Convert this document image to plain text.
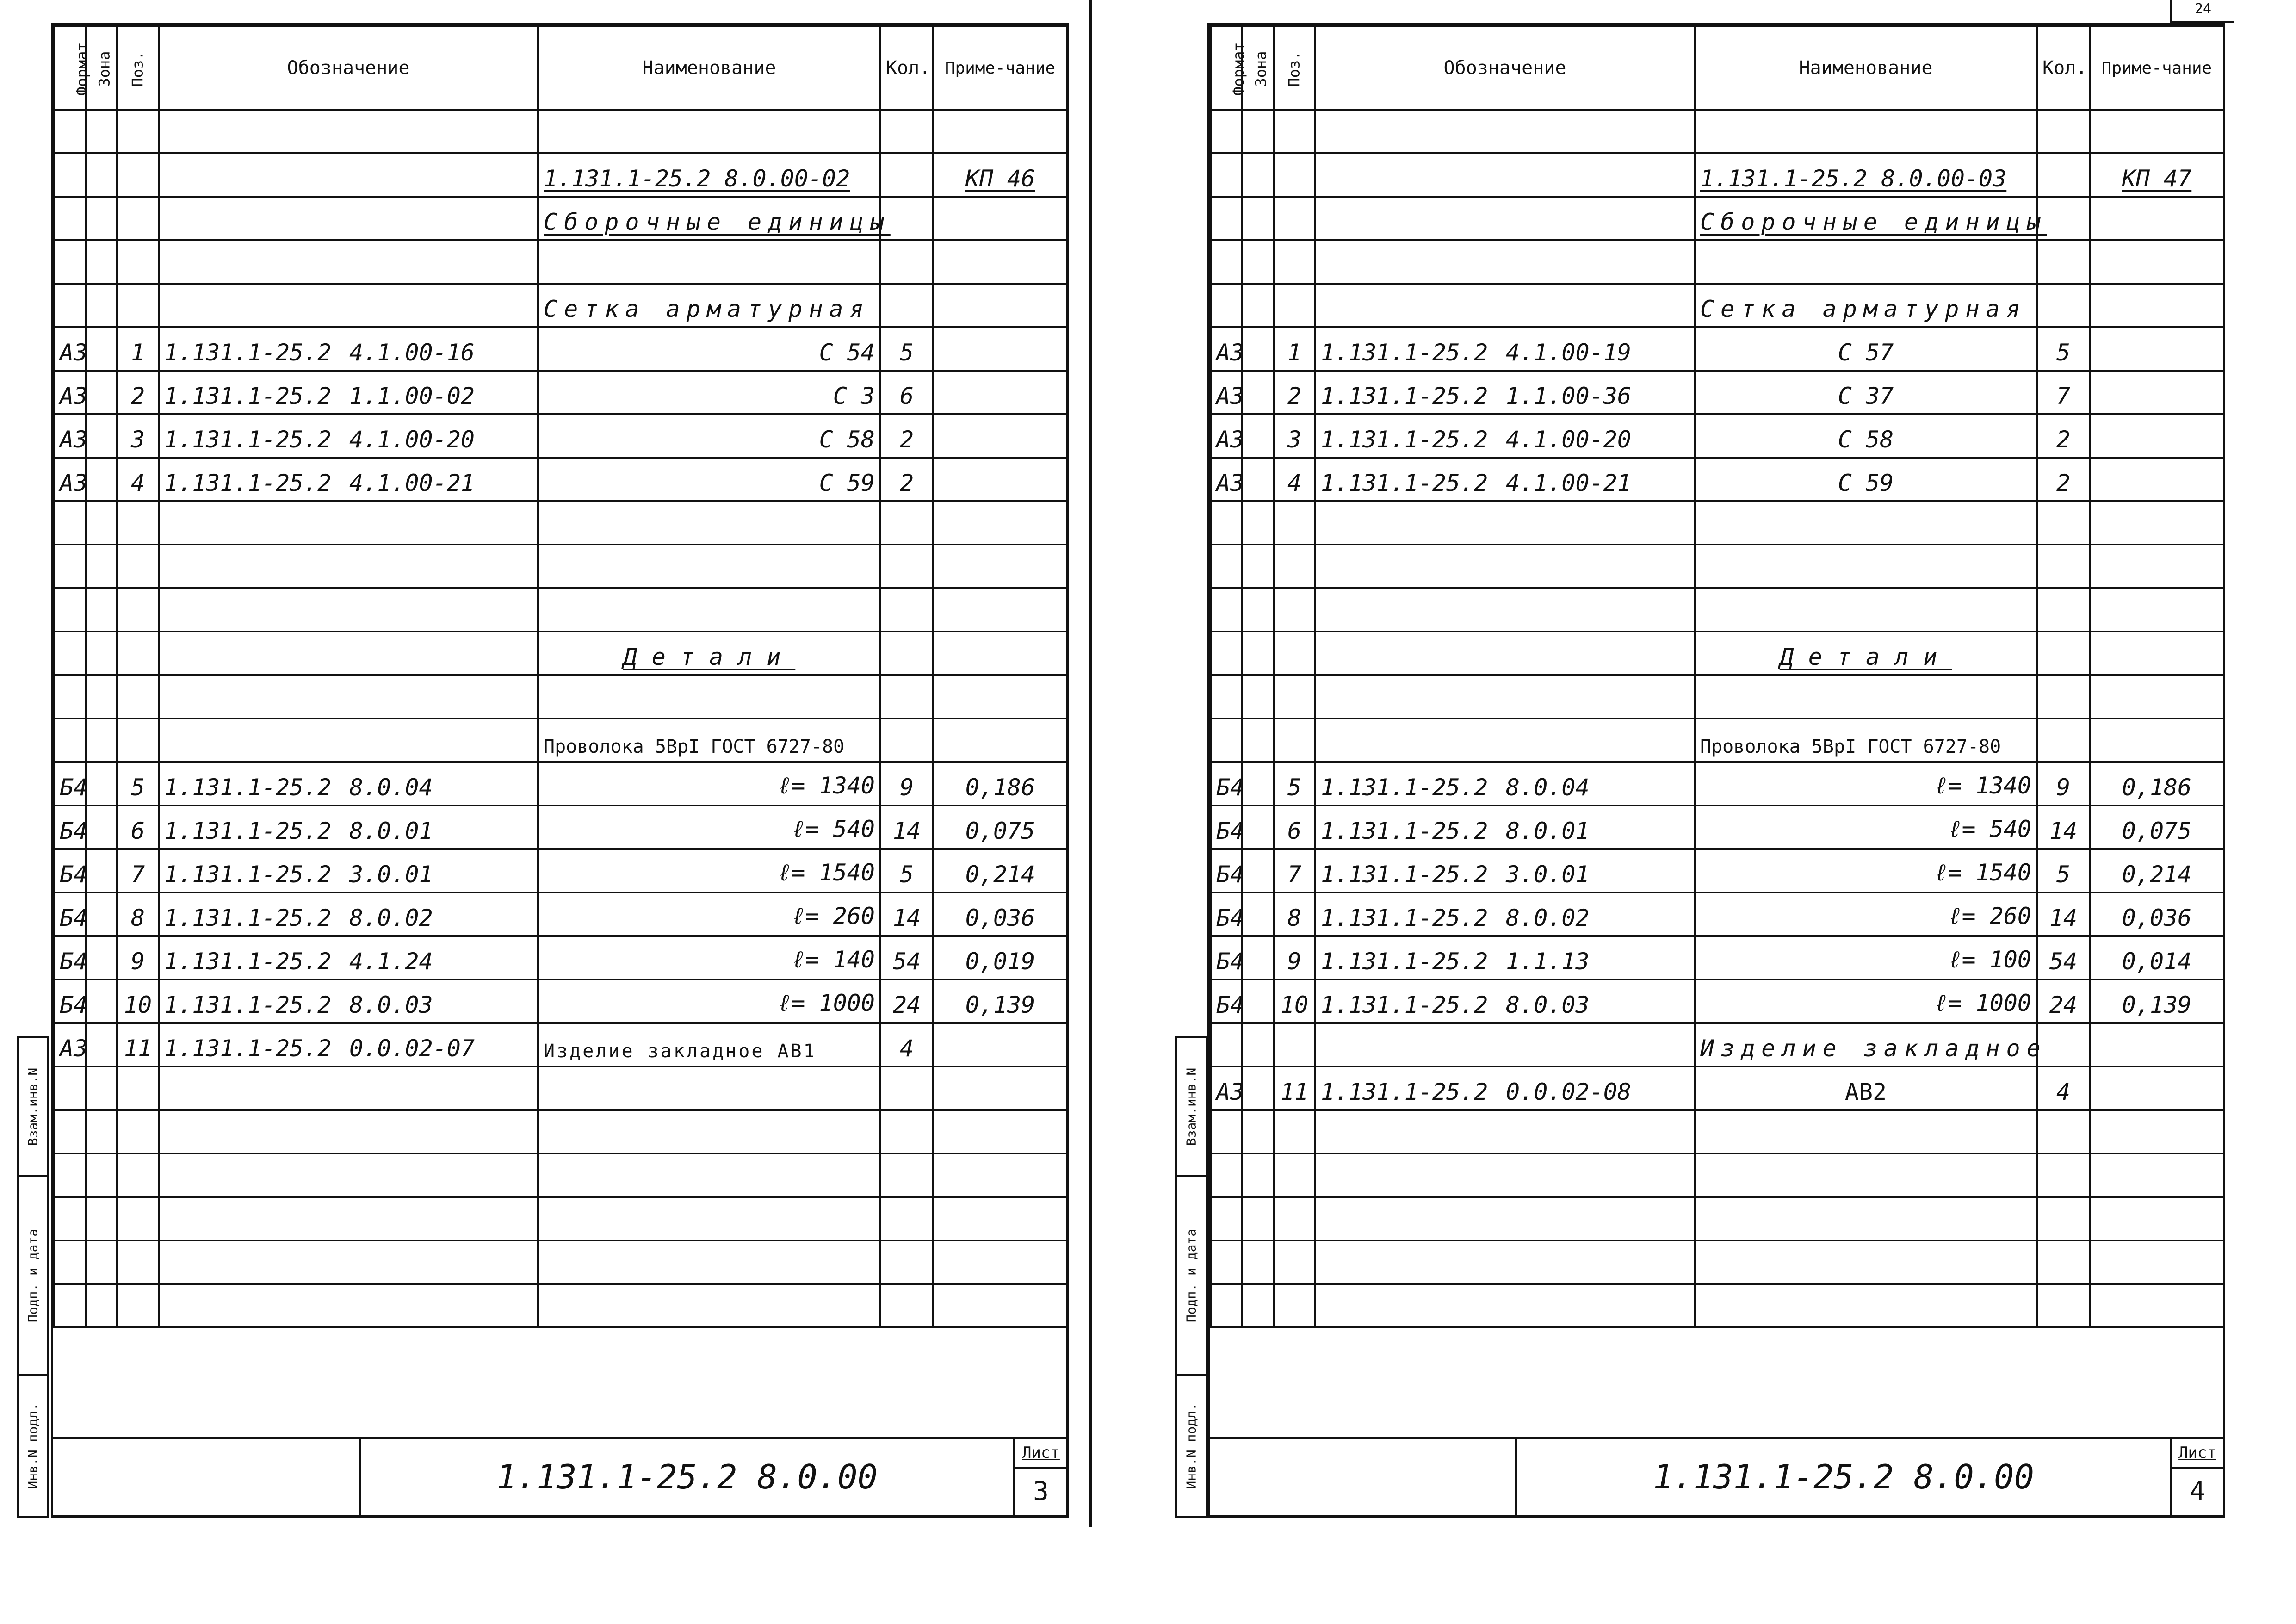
24
Формат	Зона	Поз.	Обозначение	Наименование	Кол.	Приме-чание

				1.131.1-25.2 8.0.00-02		КП 46
				Сборочные единицы		

				Сетка арматурная		
А3		1	1.131.1-25.2 4.1.00-16	С 54	5	
А3		2	1.131.1-25.2 1.1.00-02	С 3	6	
А3		3	1.131.1-25.2 4.1.00-20	С 58	2	
А3		4	1.131.1-25.2 4.1.00-21	С 59	2	

				Детали		

				Проволока 5ВрI ГОСТ 6727-80		
Б4		5	1.131.1-25.2 8.0.04	ℓ= 1340	9	0,186
Б4		6	1.131.1-25.2 8.0.01	ℓ= 540	14	0,075
Б4		7	1.131.1-25.2 3.0.01	ℓ= 1540	5	0,214
Б4		8	1.131.1-25.2 8.0.02	ℓ= 260	14	0,036
Б4		9	1.131.1-25.2 4.1.24	ℓ= 140	54	0,019
Б4		10	1.131.1-25.2 8.0.03	ℓ= 1000	24	0,139
А3		11	1.131.1-25.2 0.0.02-07	Изделие закладное АВ1	4	

1.131.1-25.2 8.0.00
Лист
3
Взам.инв.N
Подп. и дата
Инв.N подл.
Формат	Зона	Поз.	Обозначение	Наименование	Кол.	Приме-чание

				1.131.1-25.2 8.0.00-03		КП 47
				Сборочные единицы		

				Сетка арматурная		
А3		1	1.131.1-25.2 4.1.00-19	С 57	5	
А3		2	1.131.1-25.2 1.1.00-36	С 37	7	
А3		3	1.131.1-25.2 4.1.00-20	С 58	2	
А3		4	1.131.1-25.2 4.1.00-21	С 59	2	

				Детали		

				Проволока 5ВрI ГОСТ 6727-80		
Б4		5	1.131.1-25.2 8.0.04	ℓ= 1340	9	0,186
Б4		6	1.131.1-25.2 8.0.01	ℓ= 540	14	0,075
Б4		7	1.131.1-25.2 3.0.01	ℓ= 1540	5	0,214
Б4		8	1.131.1-25.2 8.0.02	ℓ= 260	14	0,036
Б4		9	1.131.1-25.2 1.1.13	ℓ= 100	54	0,014
Б4		10	1.131.1-25.2 8.0.03	ℓ= 1000	24	0,139
				Изделие закладное		
А3		11	1.131.1-25.2 0.0.02-08	АВ2	4	

1.131.1-25.2 8.0.00
Лист
4
Взам.инв.N
Подп. и дата
Инв.N подл.
